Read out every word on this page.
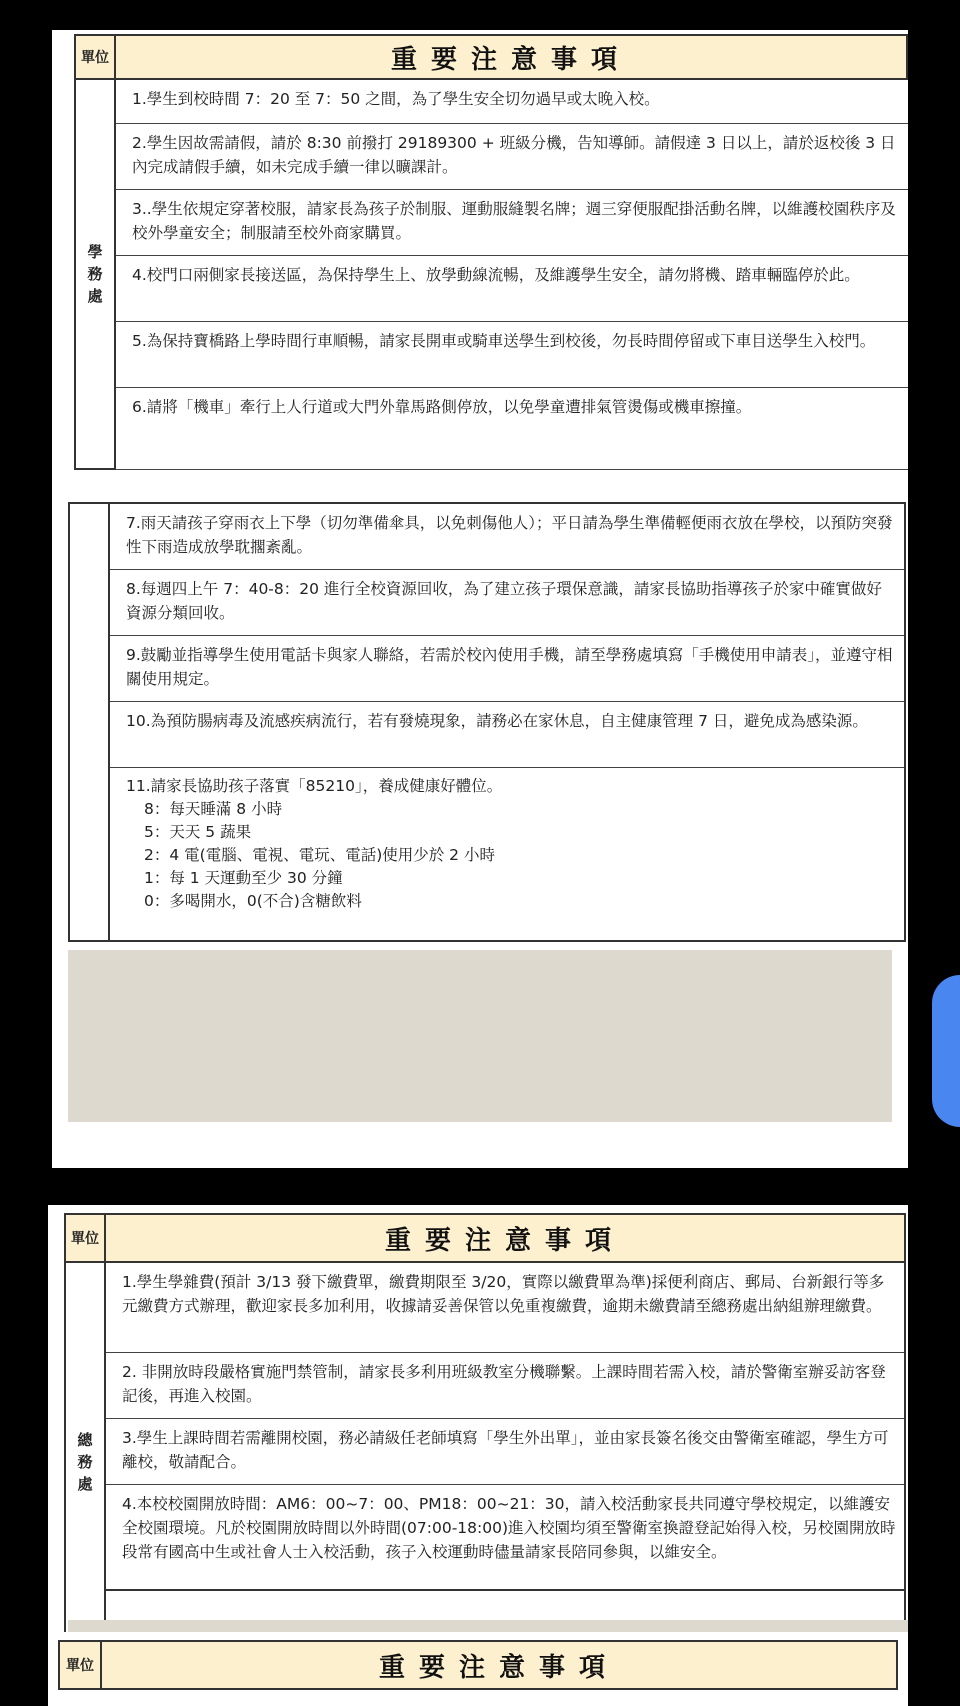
單位	重要注意事項
學務處
1.學生到校時間 7：20 至 7：50 之間，為了學生安全切勿過早或太晚入校。
2.學生因故需請假，請於 8:30 前撥打 29189300 + 班級分機，告知導師。請假達 3 日以上，請於返校後 3 日內完成請假手續，如未完成手續一律以曠課計。
3..學生依規定穿著校服，請家長為孩子於制服、運動服縫製名牌；週三穿便服配掛活動名牌，以維護校園秩序及校外學童安全；制服請至校外商家購買。
4.校門口兩側家長接送區，為保持學生上、放學動線流暢，及維護學生安全，請勿將機、踏車輛臨停於此。
5.為保持寶橋路上學時間行車順暢，請家長開車或騎車送學生到校後，勿長時間停留或下車目送學生入校門。
6.請將「機車」牽行上人行道或大門外靠馬路側停放，以免學童遭排氣管燙傷或機車擦撞。
7.雨天請孩子穿雨衣上下學（切勿準備傘具，以免刺傷他人）；平日請為學生準備輕便雨衣放在學校，以預防突發性下雨造成放學耽擱紊亂。
8.每週四上午 7：40-8：20 進行全校資源回收，為了建立孩子環保意識，請家長協助指導孩子於家中確實做好資源分類回收。
9.鼓勵並指導學生使用電話卡與家人聯絡，若需於校內使用手機，請至學務處填寫「手機使用申請表」，並遵守相關使用規定。
10.為預防腸病毒及流感疾病流行，若有發燒現象，請務必在家休息，自主健康管理 7 日，避免成為感染源。
11.請家長協助孩子落實「85210」，養成健康好體位。
8：每天睡滿 8 小時
5：天天 5 蔬果
2：4 電(電腦、電視、電玩、電話)使用少於 2 小時
1：每 1 天運動至少 30 分鐘
0：多喝開水，0(不合)含糖飲料
單位	重要注意事項
總務處
1.學生學雜費(預計 3/13 發下繳費單，繳費期限至 3/20，實際以繳費單為準)採便利商店、郵局、台新銀行等多元繳費方式辦理，歡迎家長多加利用，收據請妥善保管以免重複繳費，逾期未繳費請至總務處出納組辦理繳費。
2. 非開放時段嚴格實施門禁管制，請家長多利用班級教室分機聯繫。上課時間若需入校，請於警衛室辦妥訪客登記後，再進入校園。
3.學生上課時間若需離開校園，務必請級任老師填寫「學生外出單」，並由家長簽名後交由警衛室確認，學生方可離校，敬請配合。
4.本校校園開放時間：AM6：00~7：00、PM18：00~21：30，請入校活動家長共同遵守學校規定，以維護安全校園環境。凡於校園開放時間以外時間(07:00-18:00)進入校園均須至警衛室換證登記始得入校，另校園開放時段常有國高中生或社會人士入校活動，孩子入校運動時儘量請家長陪同參與，以維安全。
單位	重要注意事項
